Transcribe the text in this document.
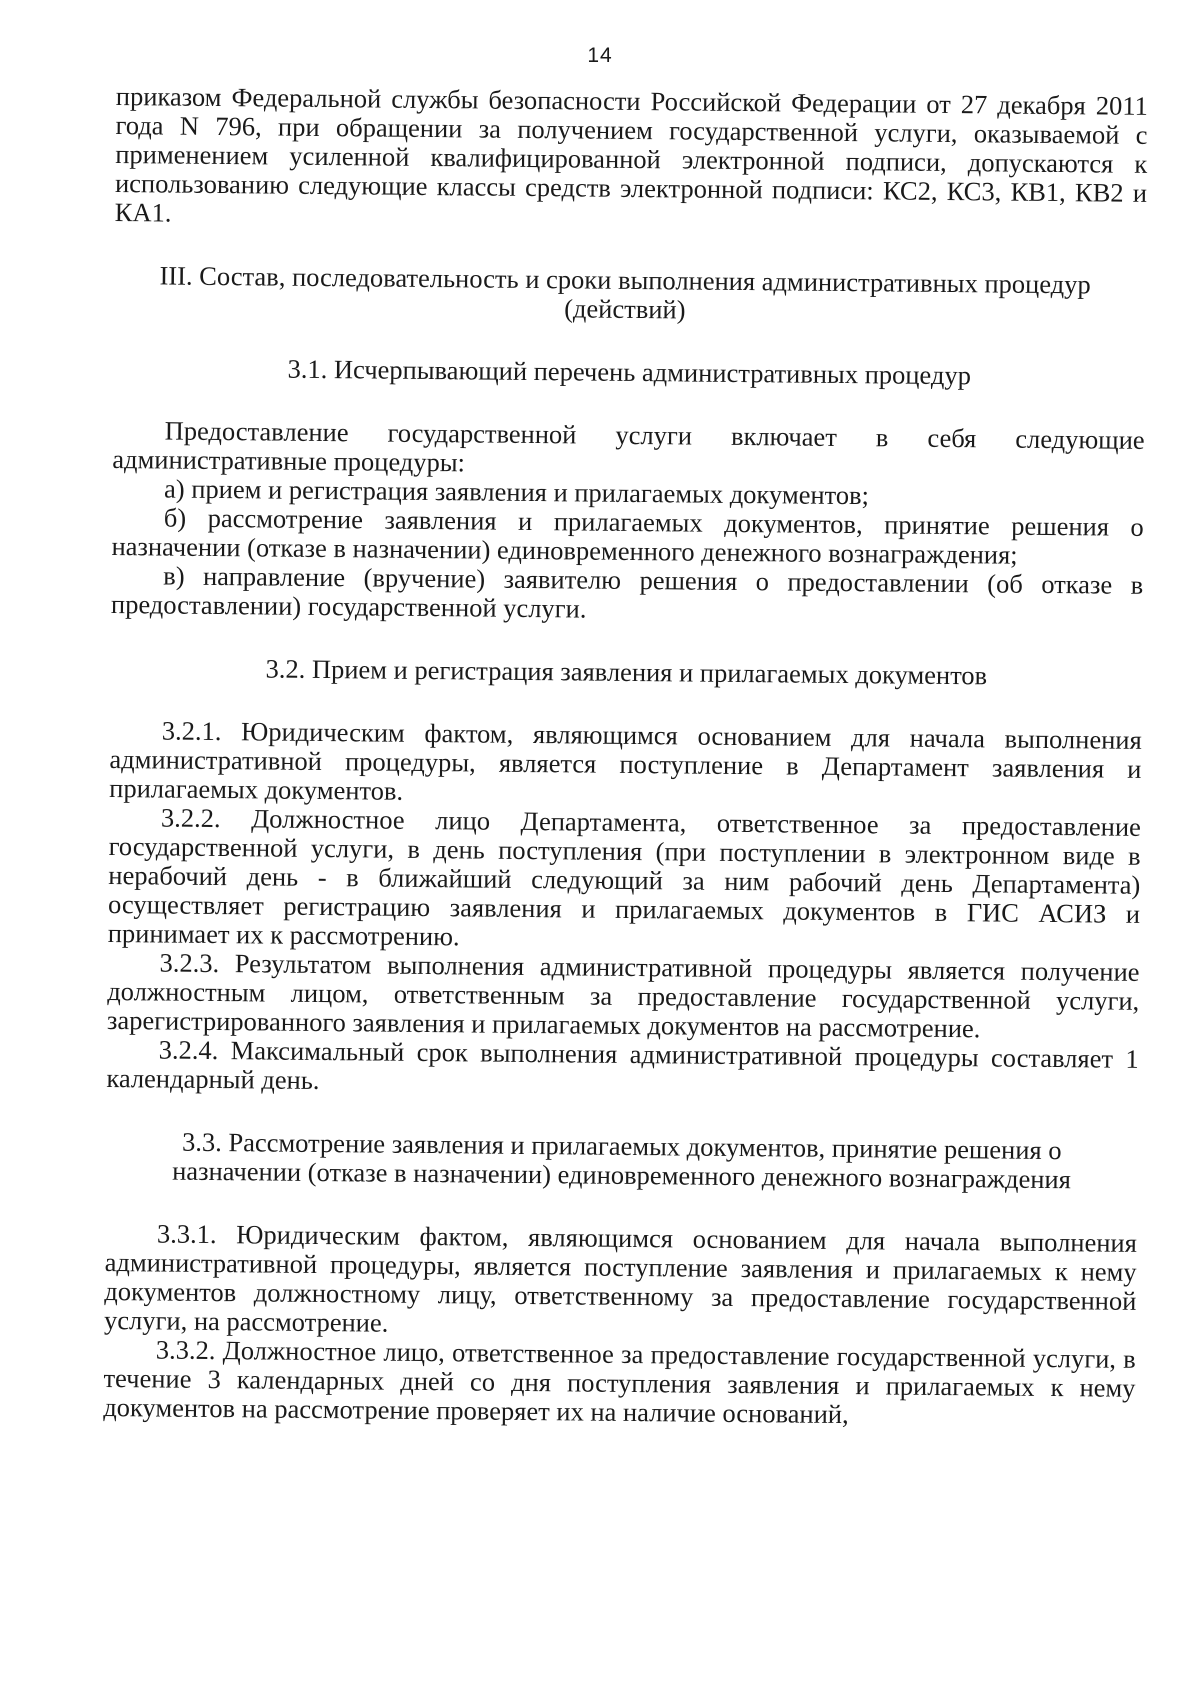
14

приказом Федеральной службы безопасности Российской Федерации от 27 декабря 2011 года N 796, при обращении за получением государственной услуги, оказываемой с применением усиленной квалифицированной электронной подписи, допускаются к использованию следующие классы средств электронной подписи: КС2, КС3, КВ1, КВ2 и КА1.

III. Состав, последовательность и сроки выполнения административных процедур (действий)

3.1. Исчерпывающий перечень административных процедур

Предоставление государственной услуги включает в себя следующие административные процедуры:

а) прием и регистрация заявления и прилагаемых документов;

б) рассмотрение заявления и прилагаемых документов, принятие решения о назначении (отказе в назначении) единовременного денежного вознаграждения;

в) направление (вручение) заявителю решения о предоставлении (об отказе в предоставлении) государственной услуги.

3.2. Прием и регистрация заявления и прилагаемых документов

3.2.1. Юридическим фактом, являющимся основанием для начала выполнения административной процедуры, является поступление в Департамент заявления и прилагаемых документов.

3.2.2. Должностное лицо Департамента, ответственное за предоставление государственной услуги, в день поступления (при поступлении в электронном виде в нерабочий день - в ближайший следующий за ним рабочий день Департамента) осуществляет регистрацию заявления и прилагаемых документов в ГИС АСИЗ и принимает их к рассмотрению.

3.2.3. Результатом выполнения административной процедуры является получение должностным лицом, ответственным за предоставление государственной услуги, зарегистрированного заявления и прилагаемых документов на рассмотрение.

3.2.4. Максимальный срок выполнения административной процедуры составляет 1 календарный день.

3.3. Рассмотрение заявления и прилагаемых документов, принятие решения о назначении (отказе в назначении) единовременного денежного вознаграждения

3.3.1. Юридическим фактом, являющимся основанием для начала выполнения административной процедуры, является поступление заявления и прилагаемых к нему документов должностному лицу, ответственному за предоставление государственной услуги, на рассмотрение.

3.3.2. Должностное лицо, ответственное за предоставление государственной услуги, в течение 3 календарных дней со дня поступления заявления и прилагаемых к нему документов на рассмотрение проверяет их на наличие оснований,
